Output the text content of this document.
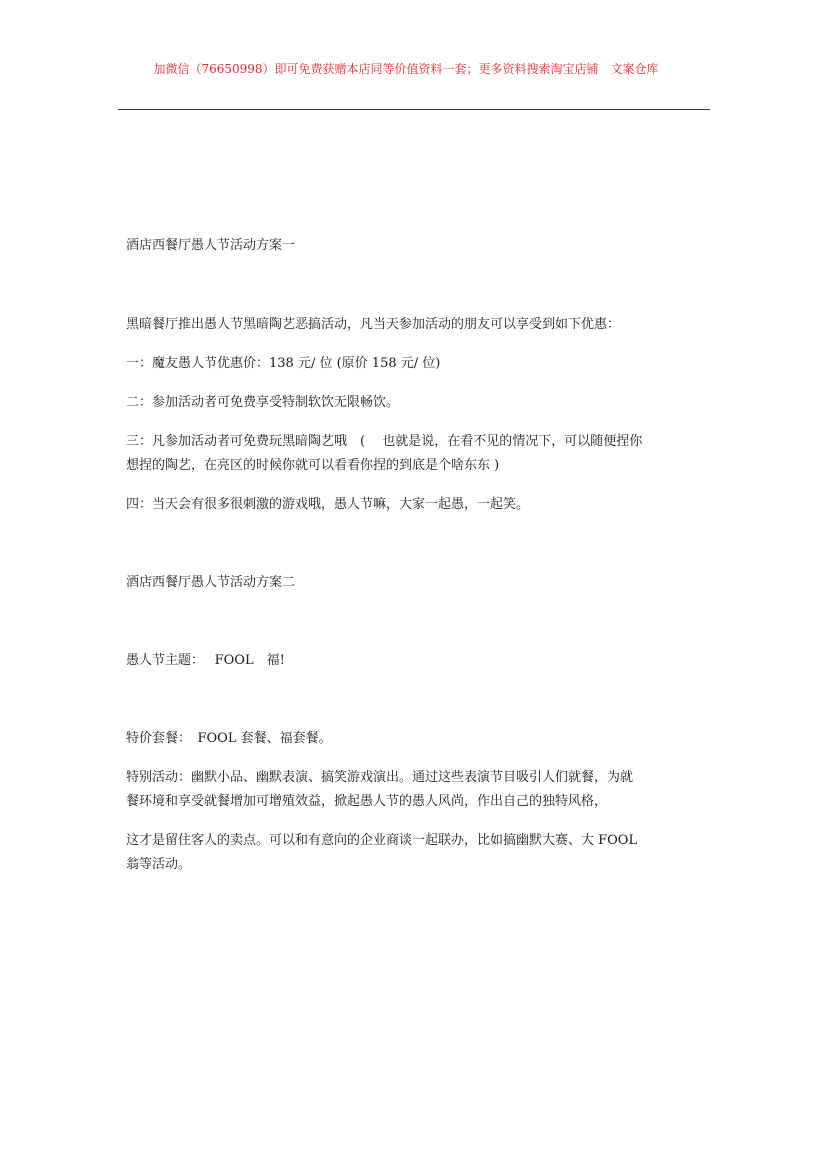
加微信（76650998）即可免费获赠本店同等价值资料一套；更多资料搜索淘宝店铺　文案仓库
酒店西餐厅愚人节活动方案一
黑暗餐厅推出愚人节黑暗陶艺恶搞活动，凡当天参加活动的朋友可以享受到如下优惠：
一：魔友愚人节优惠价：138 元/ 位 (原价 158 元/ 位)
二：参加活动者可免费享受特制软饮无限畅饮。
三：凡参加活动者可免费玩黑暗陶艺哦　(　 也就是说，在看不见的情况下，可以随便捏你
想捏的陶艺，在亮区的时候你就可以看看你捏的到底是个啥东东 )
四：当天会有很多很刺激的游戏哦，愚人节嘛，大家一起愚，一起笑。
酒店西餐厅愚人节活动方案二
愚人节主题：　 FOOL　福!
特价套餐：　FOOL 套餐、福套餐。
特别活动：幽默小品、幽默表演、搞笑游戏演出。通过这些表演节目吸引人们就餐，为就
餐环境和享受就餐增加可增殖效益，掀起愚人节的愚人风尚，作出自己的独特风格，
这才是留住客人的卖点。可以和有意向的企业商谈一起联办，比如搞幽默大赛、大 FOOL
翁等活动。
